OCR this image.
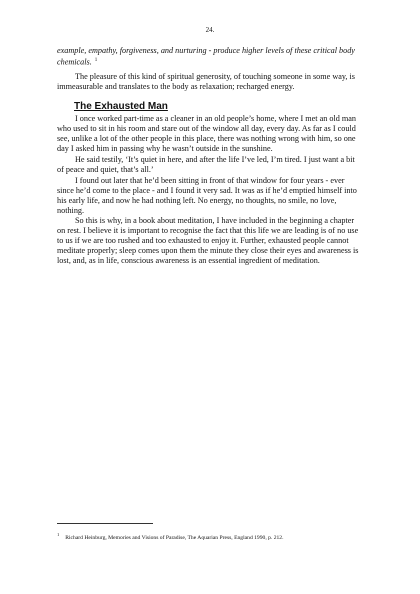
24.

example, empathy, forgiveness, and nurturing - produce higher levels of these critical body chemicals. $^1$

The pleasure of this kind of spiritual generosity, of touching someone in some way, is immeasurable and translates to the body as relaxation; recharged energy.

The Exhausted Man

I once worked part-time as a cleaner in an old people’s home, where I met an old man who used to sit in his room and stare out of the window all day, every day. As far as I could see, unlike a lot of the other people in this place, there was nothing wrong with him, so one day I asked him in passing why he wasn’t outside in the sunshine.

He said testily, ‘It’s quiet in here, and after the life I’ve led, I’m tired. I just want a bit of peace and quiet, that’s all.’

I found out later that he’d been sitting in front of that window for four years - ever since he’d come to the place - and I found it very sad. It was as if he’d emptied himself into his early life, and now he had nothing left. No energy, no thoughts, no smile, no love, nothing.

So this is why, in a book about meditation, I have included in the beginning a chapter on rest. I believe it is important to recognise the fact that this life we are leading is of no use to us if we are too rushed and too exhausted to enjoy it. Further, exhausted people cannot meditate properly; sleep comes upon them the minute they close their eyes and awareness is lost, and, as in life, conscious awareness is an essential ingredient of meditation.

$^1$Richard Heinburg, Memories and Visions of Paradise, The Aquarian Press, England 1990, p. 212.
